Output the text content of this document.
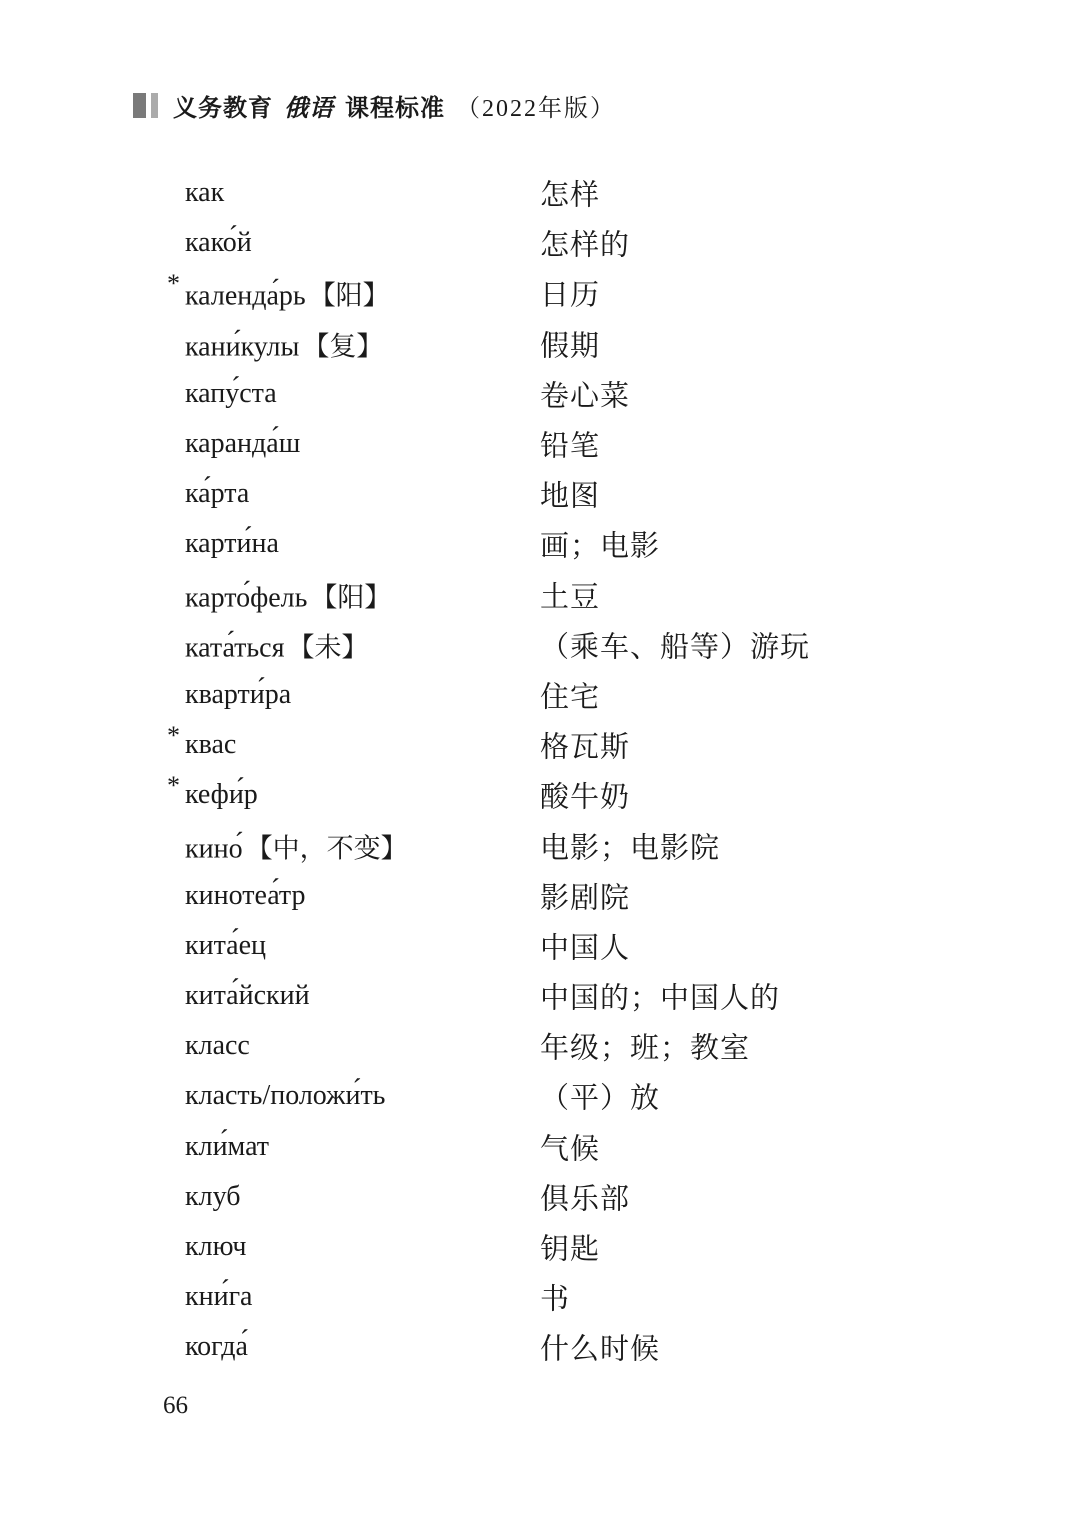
义务教育 俄语 课程标准 （2022年版）
как	怎样
како́й	怎样的
* календа́рь 【阳】	日历
кани́кулы 【复】	假期
капу́ста	卷心菜
каранда́ш	铅笔
ка́рта	地图
карти́на	画；电影
карто́фель 【阳】	土豆
ката́ться 【未】	（乘车、船等）游玩
кварти́ра	住宅
* квас	格瓦斯
* кефи́р	酸牛奶
кино́ 【中，不变】	电影；电影院
кинотеа́тр	影剧院
кита́ец	中国人
кита́йский	中国的；中国人的
класс	年级；班；教室
класть/положи́ть	（平）放
кли́мат	气候
клуб	俱乐部
ключ	钥匙
кни́га	书
когда́	什么时候
66
